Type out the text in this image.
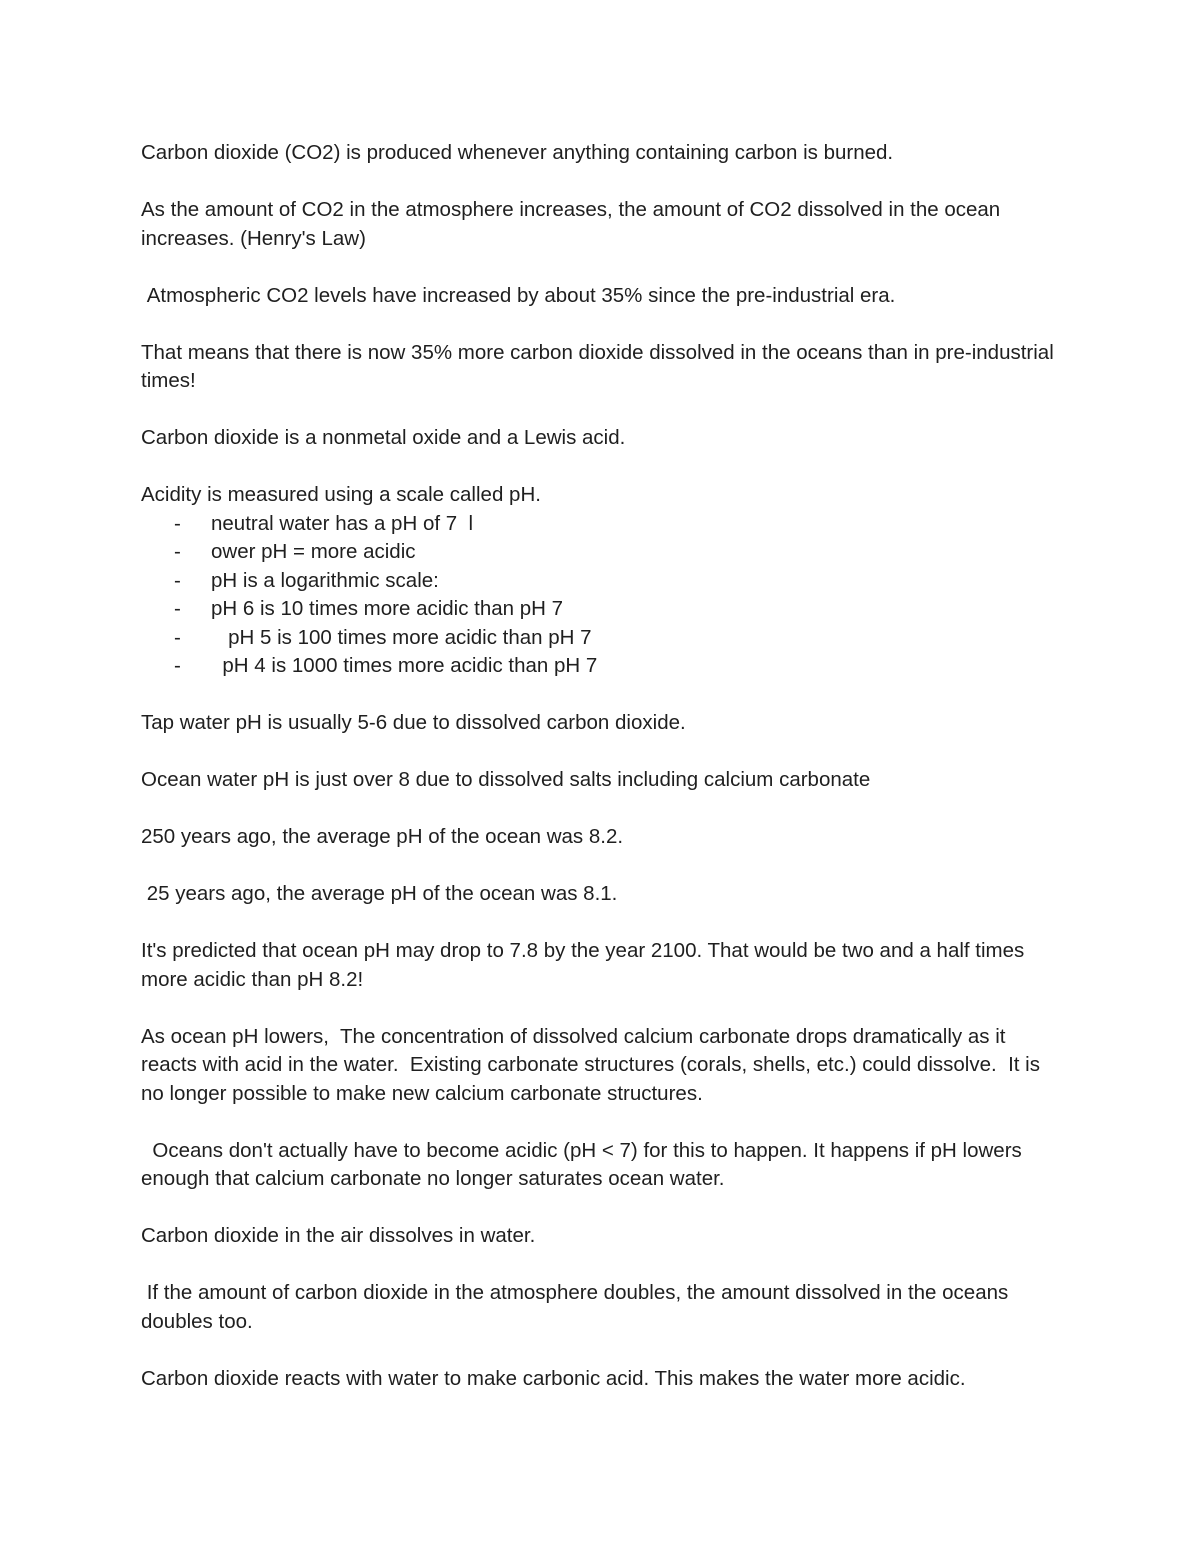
Carbon dioxide (CO2) is produced whenever anything containing carbon is burned.

As the amount of CO2 in the atmosphere increases, the amount of CO2 dissolved in the ocean increases. (Henry's Law)

Atmospheric CO2 levels have increased by about 35% since the pre-industrial era.

That means that there is now 35% more carbon dioxide dissolved in the oceans than in pre-industrial times!

Carbon dioxide is a nonmetal oxide and a Lewis acid.

Acidity is measured using a scale called pH.

-	neutral water has a pH of 7  l
-	ower pH = more acidic
-	pH is a logarithmic scale:
-	pH 6 is 10 times more acidic than pH 7
-	pH 5 is 100 times more acidic than pH 7
-	pH 4 is 1000 times more acidic than pH 7

Tap water pH is usually 5-6 due to dissolved carbon dioxide.

Ocean water pH is just over 8 due to dissolved salts including calcium carbonate

250 years ago, the average pH of the ocean was 8.2.

25 years ago, the average pH of the ocean was 8.1.

It's predicted that ocean pH may drop to 7.8 by the year 2100. That would be two and a half times more acidic than pH 8.2!

As ocean pH lowers,  The concentration of dissolved calcium carbonate drops dramatically as it reacts with acid in the water.  Existing carbonate structures (corals, shells, etc.) could dissolve.  It is no longer possible to make new calcium carbonate structures.

Oceans don't actually have to become acidic (pH < 7) for this to happen. It happens if pH lowers enough that calcium carbonate no longer saturates ocean water.

Carbon dioxide in the air dissolves in water.

If the amount of carbon dioxide in the atmosphere doubles, the amount dissolved in the oceans doubles too.

Carbon dioxide reacts with water to make carbonic acid. This makes the water more acidic.
